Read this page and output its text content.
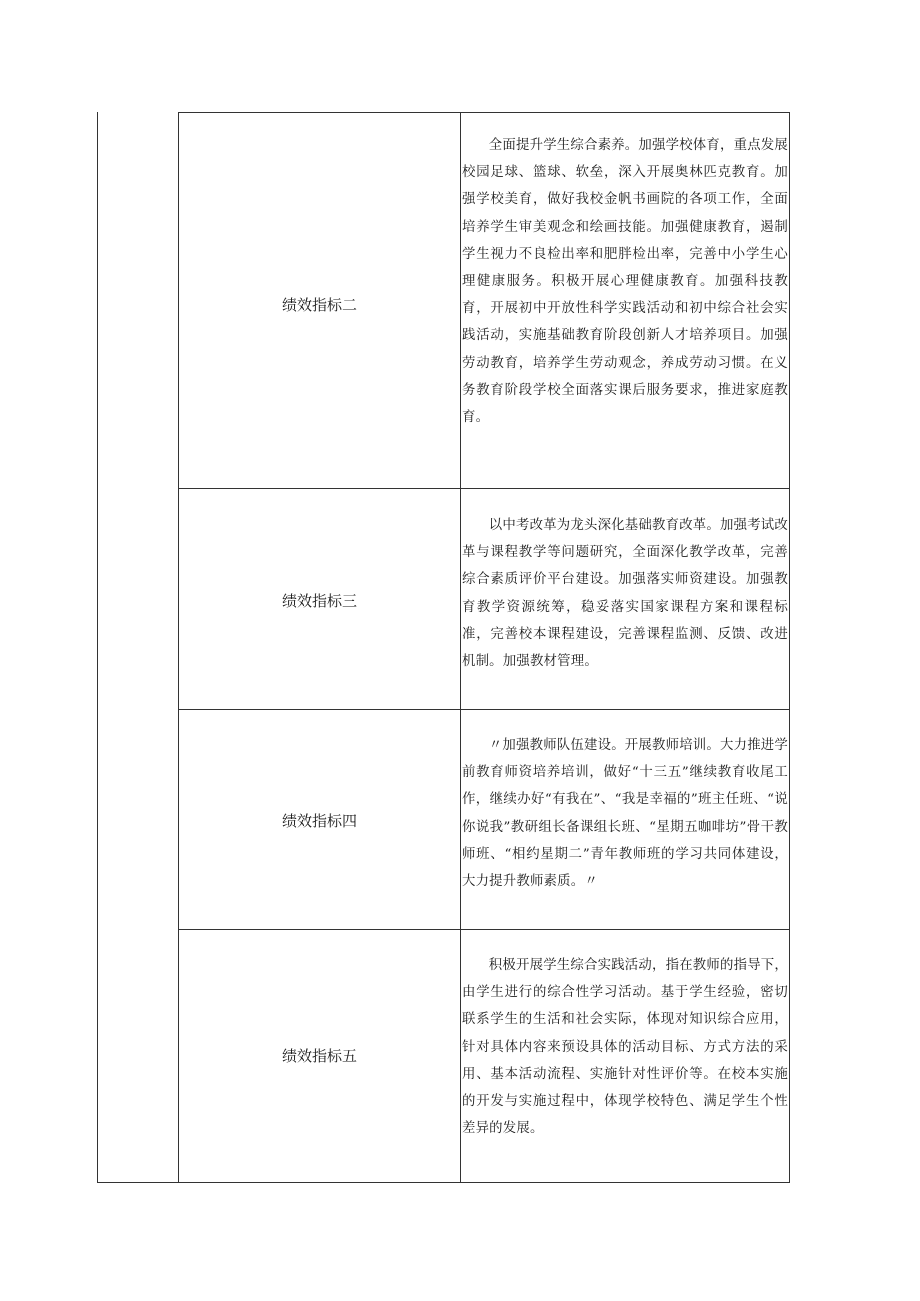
绩效指标二

全面提升学生综合素养。加强学校体育，重点发展校园足球、篮球、软垒，深入开展奥林匹克教育。加强学校美育，做好我校金帆书画院的各项工作，全面培养学生审美观念和绘画技能。加强健康教育，遏制学生视力不良检出率和肥胖检出率，完善中小学生心理健康服务。积极开展心理健康教育。加强科技教育，开展初中开放性科学实践活动和初中综合社会实践活动，实施基础教育阶段创新人才培养项目。加强劳动教育，培养学生劳动观念，养成劳动习惯。在义务教育阶段学校全面落实课后服务要求，推进家庭教育。

绩效指标三

以中考改革为龙头深化基础教育改革。加强考试改革与课程教学等问题研究，全面深化教学改革，完善综合素质评价平台建设。加强落实师资建设。加强教育教学资源统筹，稳妥落实国家课程方案和课程标准，完善校本课程建设，完善课程监测、反馈、改进机制。加强教材管理。

绩效指标四

〃加强教师队伍建设。开展教师培训。大力推进学前教育师资培养培训，做好“十三五”继续教育收尾工作，继续办好“有我在”、“我是幸福的”班主任班、“说你说我”教研组长备课组长班、“星期五咖啡坊”骨干教师班、“相约星期二”青年教师班的学习共同体建设，大力提升教师素质。〃

绩效指标五

积极开展学生综合实践活动，指在教师的指导下，由学生进行的综合性学习活动。基于学生经验，密切联系学生的生活和社会实际，体现对知识综合应用，针对具体内容来预设具体的活动目标、方式方法的采用、基本活动流程、实施针对性评价等。在校本实施的开发与实施过程中，体现学校特色、满足学生个性差异的发展。
